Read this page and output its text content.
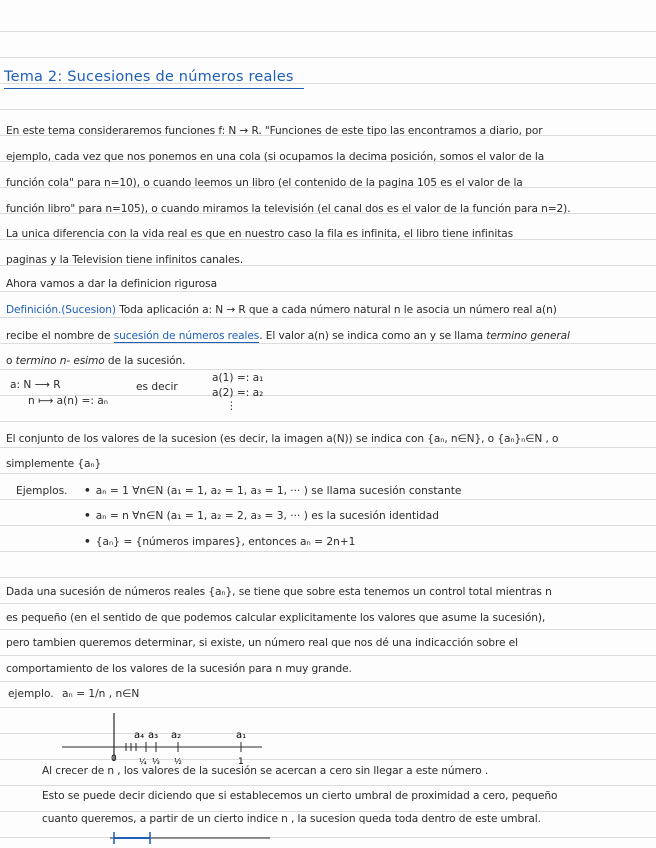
Tema 2: Sucesiones de números reales
En este tema consideraremos funciones f: N → R. "Funciones de este tipo las encontramos a diario, por
ejemplo, cada vez que nos ponemos en una cola (si ocupamos la decima posición, somos el valor de la
función cola" para n=10), o cuando leemos un libro (el contenido de la pagina 105 es el valor de la
función libro" para n=105), o cuando miramos la televisión (el canal dos es el valor de la función para n=2).
La unica diferencia con la vida real es que en nuestro caso la fila es infinita, el libro tiene infinitas
paginas y la Television tiene infinitos canales.
Ahora vamos a dar la definicion rigurosa
Definición.(Sucesion) Toda aplicación a: N → R que a cada número natural n le asocia un número real a(n)
recibe el nombre de sucesión de números reales. El valor a(n) se indica como an y se llama termino general
o termino n- esimo de la sucesión.
a: N ⟶ R
n ⟼ a(n) =: aₙ
es decir
a(1) =: a₁
a(2) =: a₂
⋮
El conjunto de los valores de la sucesion (es decir, la imagen a(N)) se indica con {aₙ, n∈N}, o {aₙ}ₙ∈N , o
simplemente {aₙ}
Ejemplos.
•	aₙ = 1 ∀n∈N (a₁ = 1, a₂ = 1, a₃ = 1, ··· ) se llama sucesión constante
• aₙ = n ∀n∈N (a₁ = 1, a₂ = 2, a₃ = 3, ··· ) es la sucesión identidad
• {aₙ} = {números impares}, entonces aₙ = 2n+1
Dada una sucesión de números reales {aₙ}, se tiene que sobre esta tenemos un control total mientras n
es pequeño (en el sentido de que podemos calcular explicitamente los valores que asume la sucesión),
pero tambien queremos determinar, si existe, un número real que nos dé una indicacción sobre el
comportamiento de los valores de la sucesión para n muy grande.
ejemplo. aₙ = 1/n , n∈N
a₄ a₃ a₂	a₁
0	¼ ⅓ ½	1
Al crecer de n , los valores de la sucesión se acercan a cero sin llegar a este número .
Esto se puede decir diciendo que si establecemos un cierto umbral de proximidad a cero, pequeño
cuanto queremos, a partir de un cierto indice n , la sucesion queda toda dentro de este umbral.
